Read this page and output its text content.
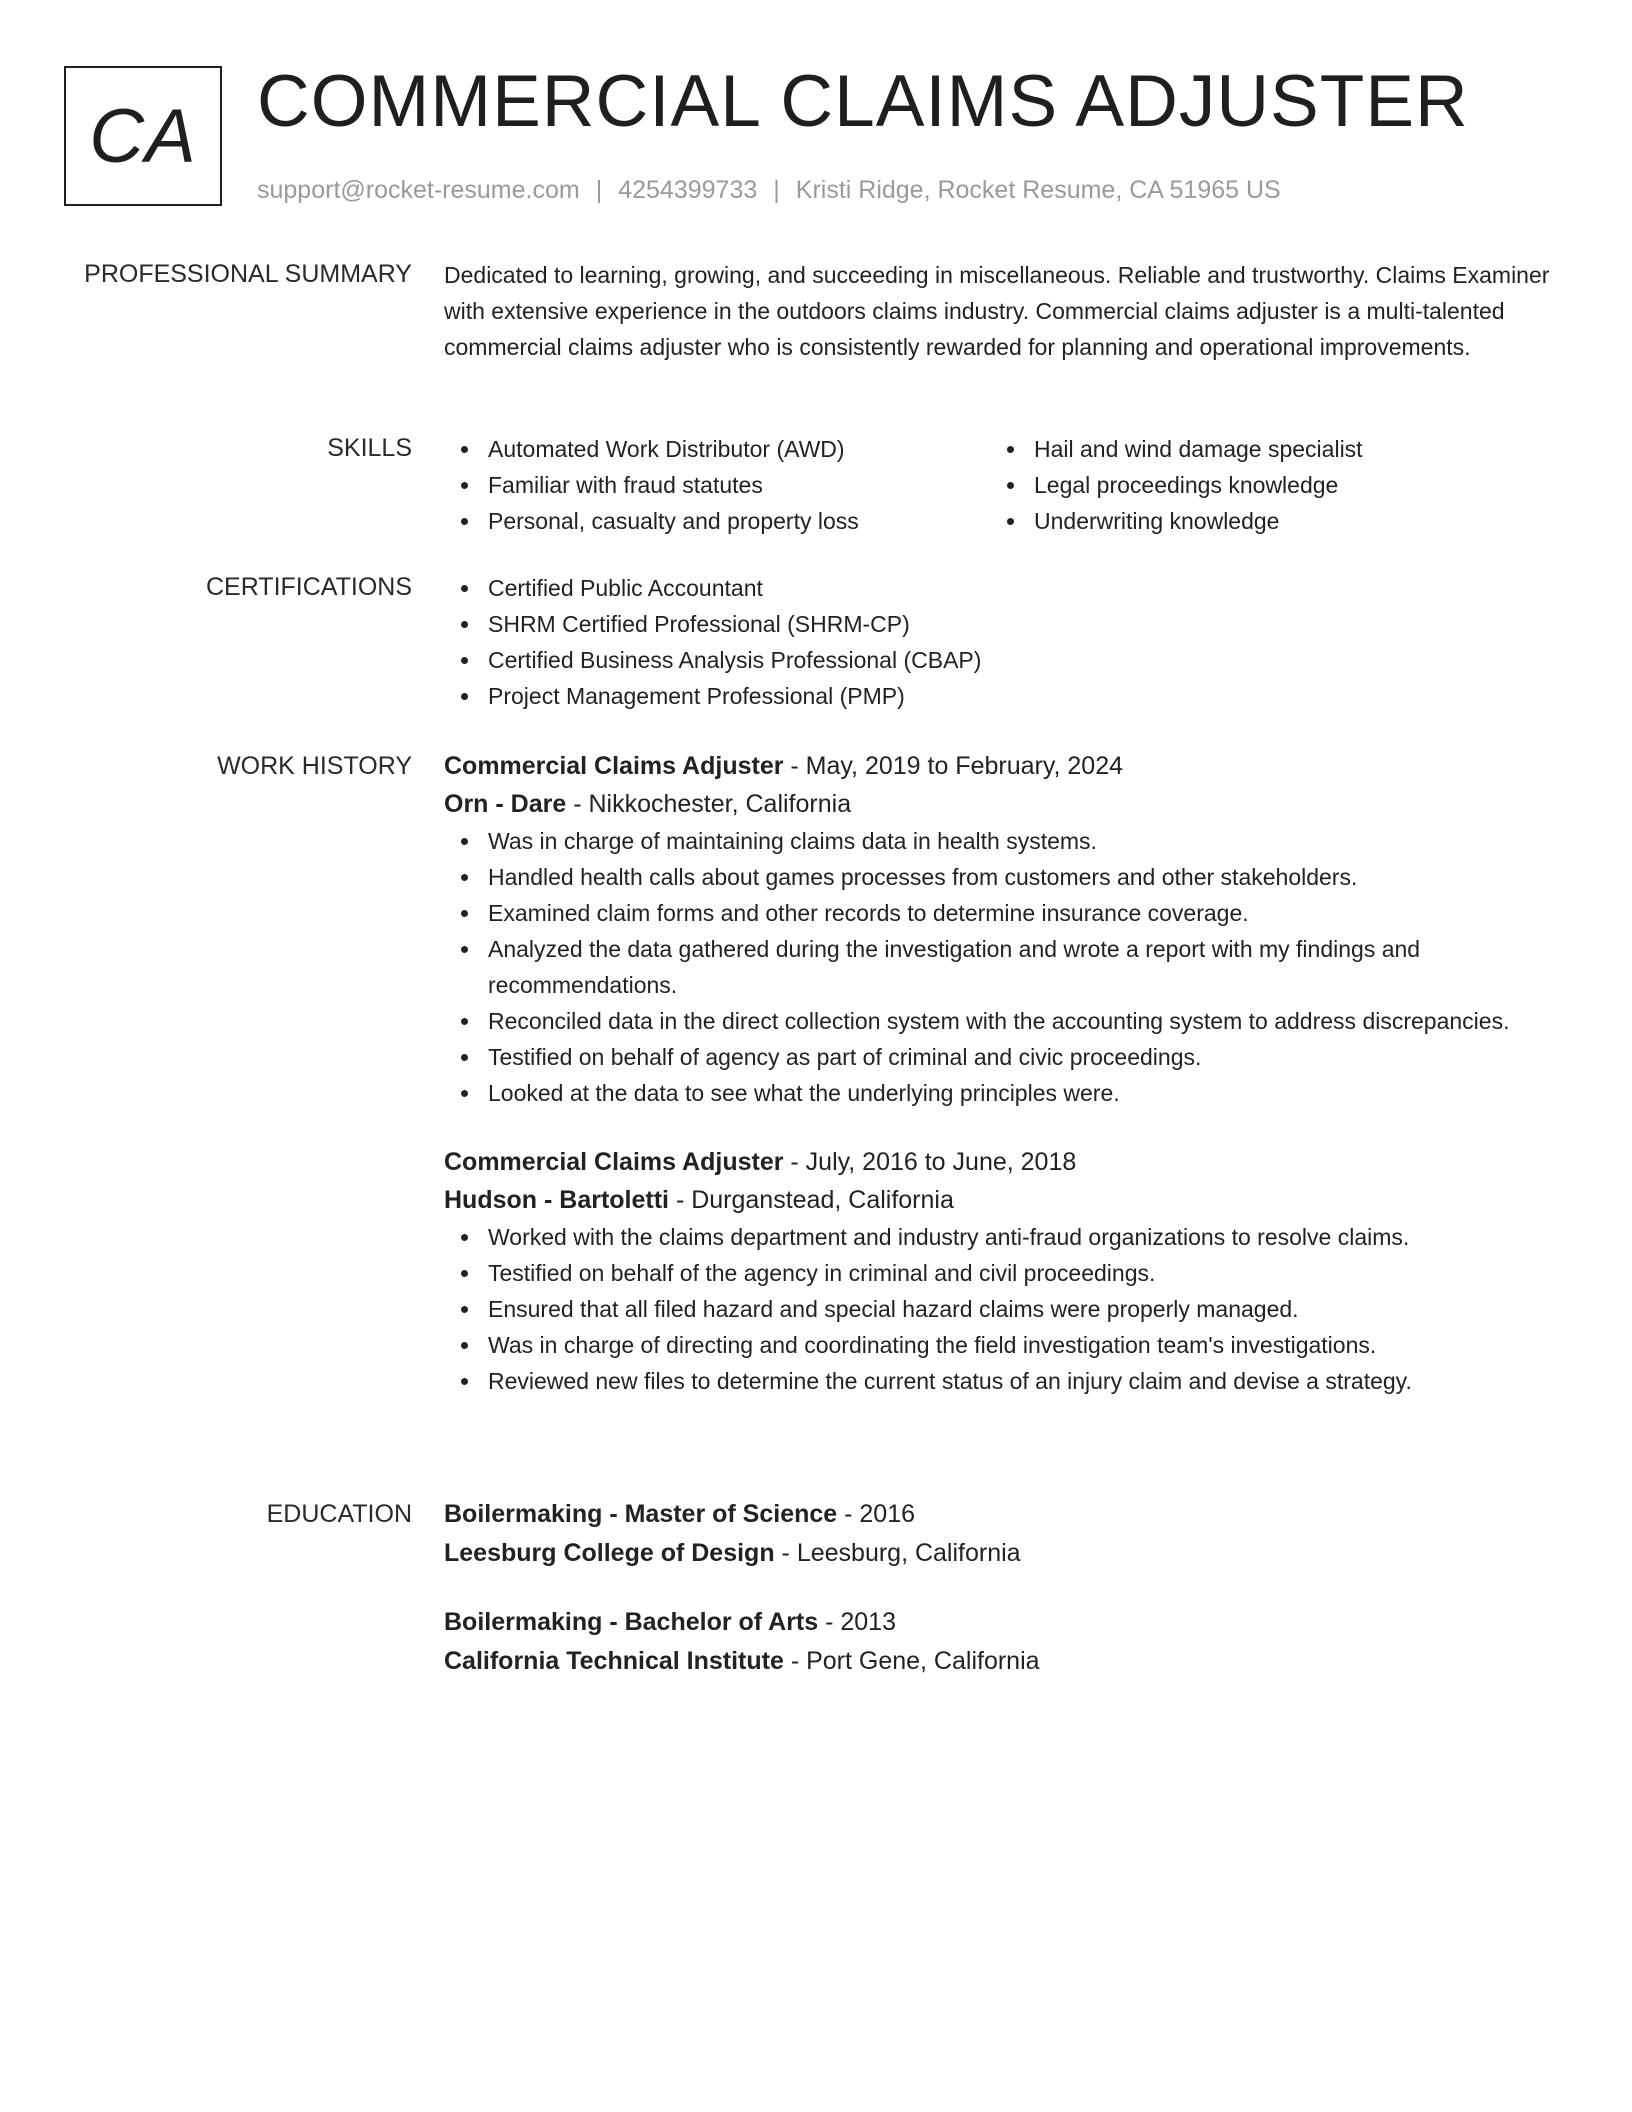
CA COMMERCIAL CLAIMS ADJUSTER
support@rocket-resume.com | 4254399733 | Kristi Ridge, Rocket Resume, CA 51965 US
PROFESSIONAL SUMMARY Dedicated to learning, growing, and succeeding in miscellaneous. Reliable and trustworthy. Claims Examiner with extensive experience in the outdoors claims industry. Commercial claims adjuster is a multi-talented commercial claims adjuster who is consistently rewarded for planning and operational improvements.

SKILLS	Automated Work Distributor (AWD)
Familiar with fraud statutes
Personal, casualty and property loss
Hail and wind damage specialist
Legal proceedings knowledge
Underwriting knowledge
CERTIFICATIONS	Certified Public Accountant
SHRM Certified Professional (SHRM-CP)
Certified Business Analysis Professional (CBAP)
Project Management Professional (PMP)
WORK HISTORY Commercial Claims Adjuster - May, 2019 to February, 2024
Orn - Dare - Nikkochester, California
Was in charge of maintaining claims data in health systems.
Handled health calls about games processes from customers and other stakeholders.
Examined claim forms and other records to determine insurance coverage.
Analyzed the data gathered during the investigation and wrote a report with my findings and recommendations.
Reconciled data in the direct collection system with the accounting system to address discrepancies.
Testified on behalf of agency as part of criminal and civic proceedings.
Looked at the data to see what the underlying principles were.
Commercial Claims Adjuster - July, 2016 to June, 2018
Hudson - Bartoletti - Durganstead, California
Worked with the claims department and industry anti-fraud organizations to resolve claims.
Testified on behalf of the agency in criminal and civil proceedings.
Ensured that all filed hazard and special hazard claims were properly managed.
Was in charge of directing and coordinating the field investigation team's investigations.
Reviewed new files to determine the current status of an injury claim and devise a strategy.
EDUCATION Boilermaking - Master of Science - 2016
Leesburg College of Design - Leesburg, California
Boilermaking - Bachelor of Arts - 2013
California Technical Institute - Port Gene, California
